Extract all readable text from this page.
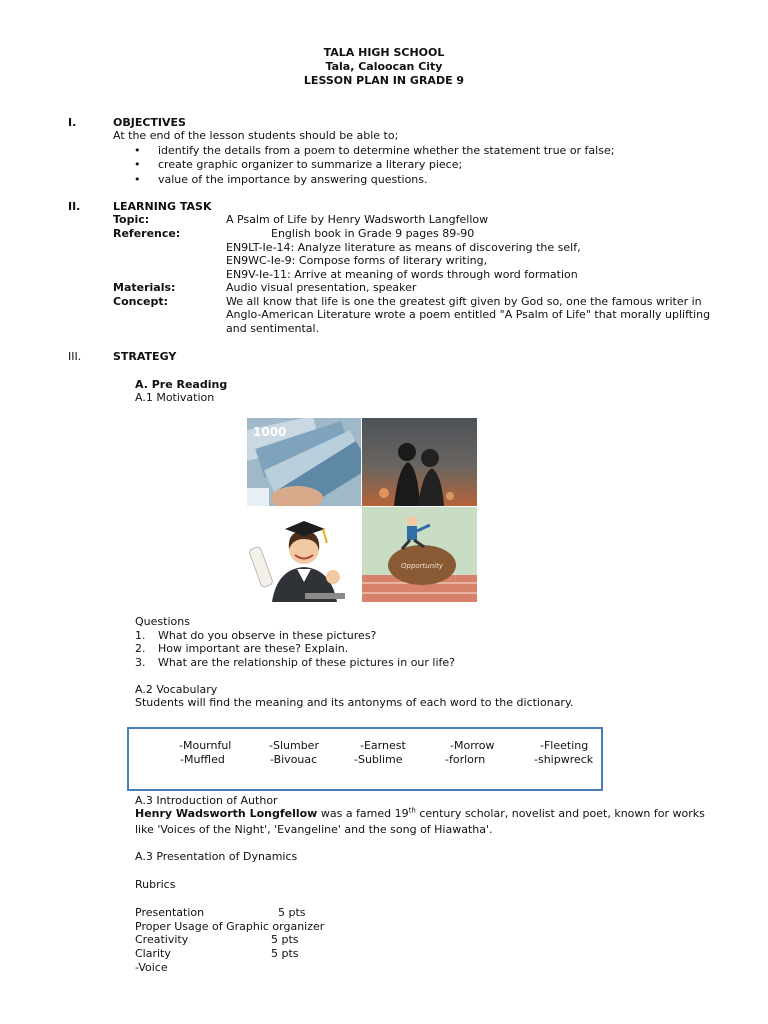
TALA HIGH SCHOOL
Tala, Caloocan City
LESSON PLAN IN GRADE 9
I.	OBJECTIVES
At the end of the lesson students should be able to;
• identify the details from a poem to determine whether the statement true or false;
• create graphic organizer to summarize a literary piece;
• value of the importance by answering questions.
II.	LEARNING TASK
Topic:	A Psalm of Life by Henry Wadsworth Langfellow
Reference:	English book in Grade 9 pages 89-90
EN9LT-Ie-14: Analyze literature as means of discovering the self,
EN9WC-Ie-9: Compose forms of literary writing,
EN9V-Ie-11: Arrive at meaning of words through word formation
Materials:	Audio visual presentation, speaker
Concept:	We all know that life is one the greatest gift given by God so, one the famous writer in
Anglo-American Literature wrote a poem entitled "A Psalm of Life" that morally uplifting
and sentimental.
III.	STRATEGY
A. Pre Reading
A.1 Motivation
1000
Opportunity
Questions
1. What do you observe in these pictures?
2. How important are these? Explain.
3. What are the relationship of these pictures in our life?
A.2 Vocabulary
Students will find the meaning and its antonyms of each word to the dictionary.
-Mournful	-Slumber	-Earnest	-Morrow	-Fleeting
-Muffled	-Bivouac	-Sublime	-forlorn	-shipwreck
A.3 Introduction of Author
Henry Wadsworth Longfellow was a famed 19th century scholar, novelist and poet, known for works
like 'Voices of the Night', 'Evangeline' and the song of Hiawatha'.
A.3 Presentation of Dynamics
Rubrics
Presentation	5 pts
Proper Usage of Graphic organizer
Creativity	5 pts
Clarity	5 pts
-Voice
